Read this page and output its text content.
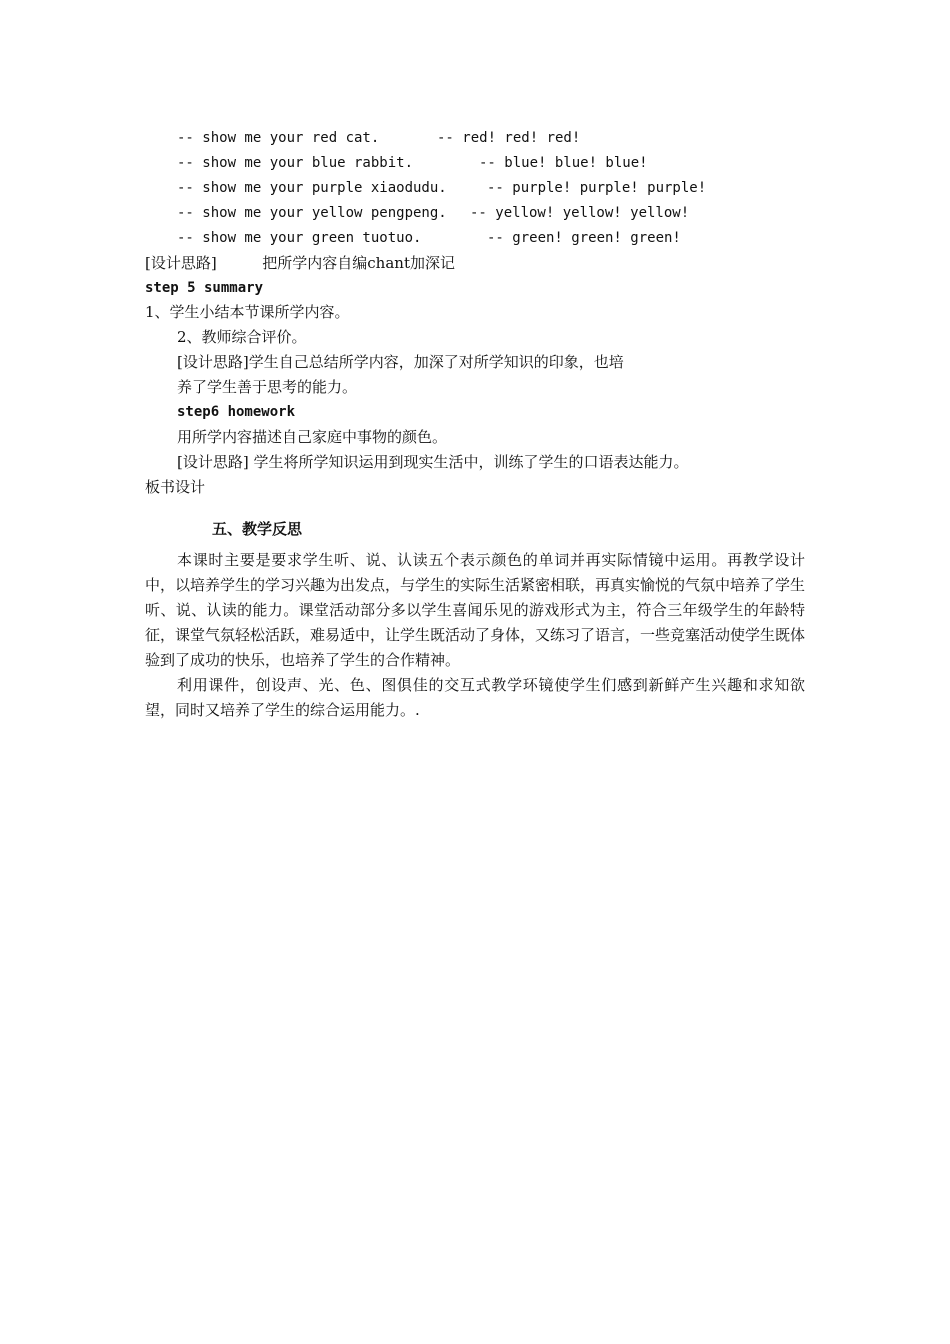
-- show me your red cat.	-- red! red! red!
-- show me your blue rabbit.	-- blue! blue! blue!
-- show me your purple xiaodudu.	-- purple! purple! purple!
-- show me your yellow pengpeng. -- yellow! yellow! yellow!
-- show me your green tuotuo.	-- green! green! green!
[设计思路]	把所学内容自编chant加深记
step 5 summary
1、学生小结本节课所学内容。
2、教师综合评价。
[设计思路]学生自己总结所学内容，加深了对所学知识的印象，也培
养了学生善于思考的能力。
step6 homework
用所学内容描述自己家庭中事物的颜色。
[设计思路] 学生将所学知识运用到现实生活中，训练了学生的口语表达能力。
板书设计
五、教学反思
本课时主要是要求学生听、说、认读五个表示颜色的单词并再实际情镜中运用。再教学设计中，以培养学生的学习兴趣为出发点，与学生的实际生活紧密相联，再真实愉悦的气氛中培养了学生听、说、认读的能力。课堂活动部分多以学生喜闻乐见的游戏形式为主，符合三年级学生的年龄特征，课堂气氛轻松活跃，难易适中，让学生既活动了身体，又练习了语言，一些竞塞活动使学生既体验到了成功的快乐，也培养了学生的合作精神。
利用课件，创设声、光、色、图俱佳的交互式教学环镜使学生们感到新鲜产生兴趣和求知欲望，同时又培养了学生的综合运用能力。.
